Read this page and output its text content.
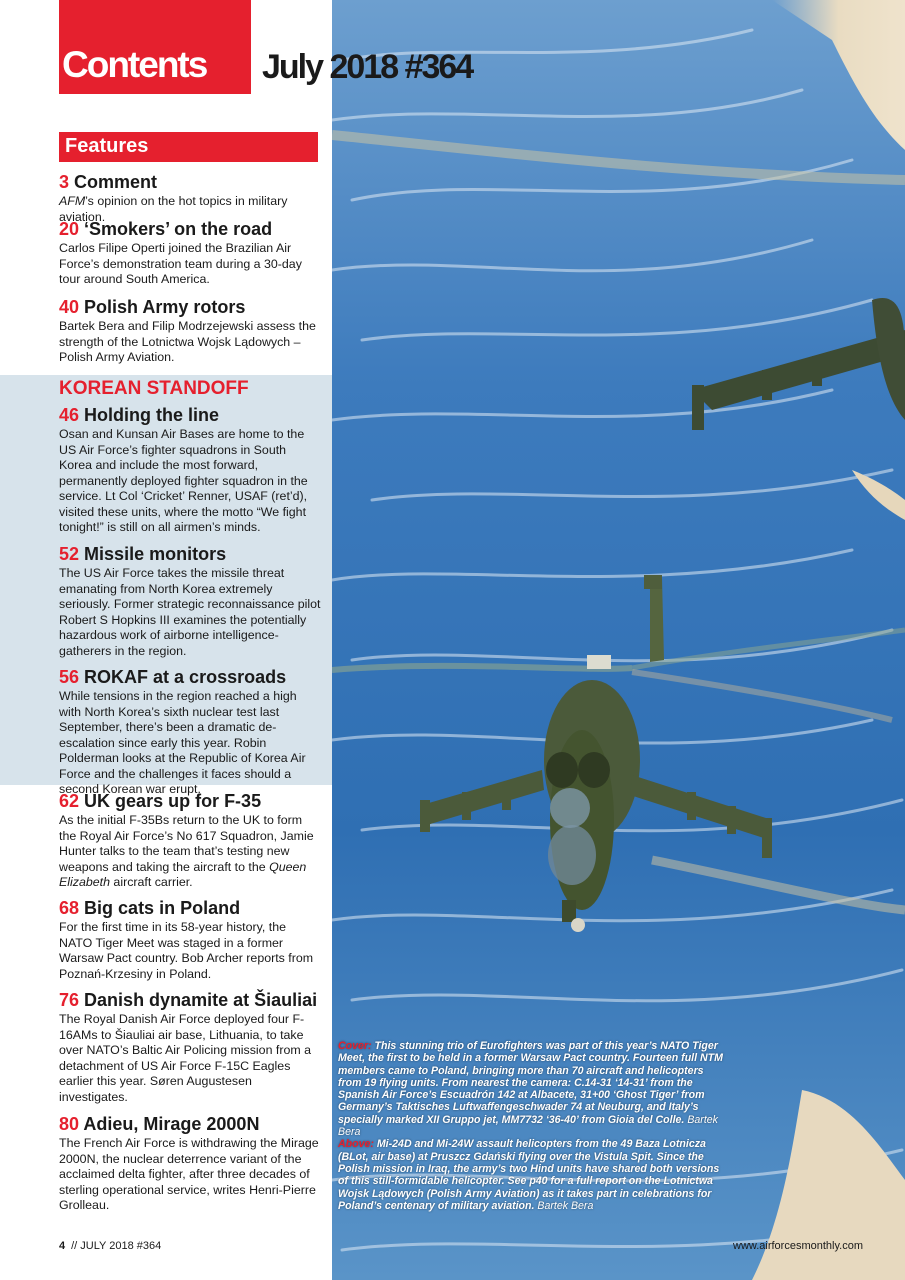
Contents July 2018 #364
Features
KOREAN STANDOFF
3 Comment

AFM’s opinion on the hot topics in military aviation.

20 ‘Smokers’ on the road

Carlos Filipe Operti joined the Brazilian Air Force’s demonstration team during a 30-day tour around South America.

40 Polish Army rotors

Bartek Bera and Filip Modrzejewski assess the strength of the Lotnictwa Wojsk Lądowych – Polish Army Aviation.

46 Holding the line

Osan and Kunsan Air Bases are home to the US Air Force’s fighter squadrons in South Korea and include the most forward, permanently deployed fighter squadron in the service. Lt Col ‘Cricket’ Renner, USAF (ret’d), visited these units, where the motto “We fight tonight!” is still on all airmen’s minds.

52 Missile monitors

The US Air Force takes the missile threat emanating from North Korea extremely seriously. Former strategic reconnaissance pilot Robert S Hopkins III examines the potentially hazardous work of airborne intelligence-gatherers in the region.

56 ROKAF at a crossroads

While tensions in the region reached a high with North Korea’s sixth nuclear test last September, there’s been a dramatic de-escalation since early this year. Robin Polderman looks at the Republic of Korea Air Force and the challenges it faces should a second Korean war erupt.

62 UK gears up for F-35

As the initial F-35Bs return to the UK to form the Royal Air Force’s No 617 Squadron, Jamie Hunter talks to the team that’s testing new weapons and taking the aircraft to the Queen Elizabeth aircraft carrier.

68 Big cats in Poland

For the first time in its 58-year history, the NATO Tiger Meet was staged in a former Warsaw Pact country. Bob Archer reports from Poznań-Krzesiny in Poland.

76 Danish dynamite at Šiauliai

The Royal Danish Air Force deployed four F-16AMs to Šiauliai air base, Lithuania, to take over NATO’s Baltic Air Policing mission from a detachment of US Air Force F-15C Eagles earlier this year. Søren Augustesen investigates.

80 Adieu, Mirage 2000N

The French Air Force is withdrawing the Mirage 2000N, the nuclear deterrence variant of the acclaimed delta fighter, after three decades of sterling operational service, writes Henri-Pierre Grolleau.

Cover: This stunning trio of Eurofighters was part of this year’s NATO Tiger Meet, the first to be held in a former Warsaw Pact country. Fourteen full NTM members came to Poland, bringing more than 70 aircraft and helicopters from 19 flying units. From nearest the camera: C.14-31 ‘14-31’ from the Spanish Air Force’s Escuadrón 142 at Albacete, 31+00 ‘Ghost Tiger’ from Germany’s Taktisches Luftwaffengeschwader 74 at Neuburg, and Italy’s specially marked XII Gruppo jet, MM7732 ‘36-40’ from Gioia del Colle. Bartek Bera
Above: Mi-24D and Mi-24W assault helicopters from the 49 Baza Lotnicza (BLot, air base) at Pruszcz Gdański flying over the Vistula Spit. Since the Polish mission in Iraq, the army’s two Hind units have shared both versions of this still-formidable helicopter. See p40 for a full report on the Lotnictwa Wojsk Lądowych (Polish Army Aviation) as it takes part in celebrations for Poland’s centenary of military aviation. Bartek Bera
4 // JULY 2018 #364	www.airforcesmonthly.com
